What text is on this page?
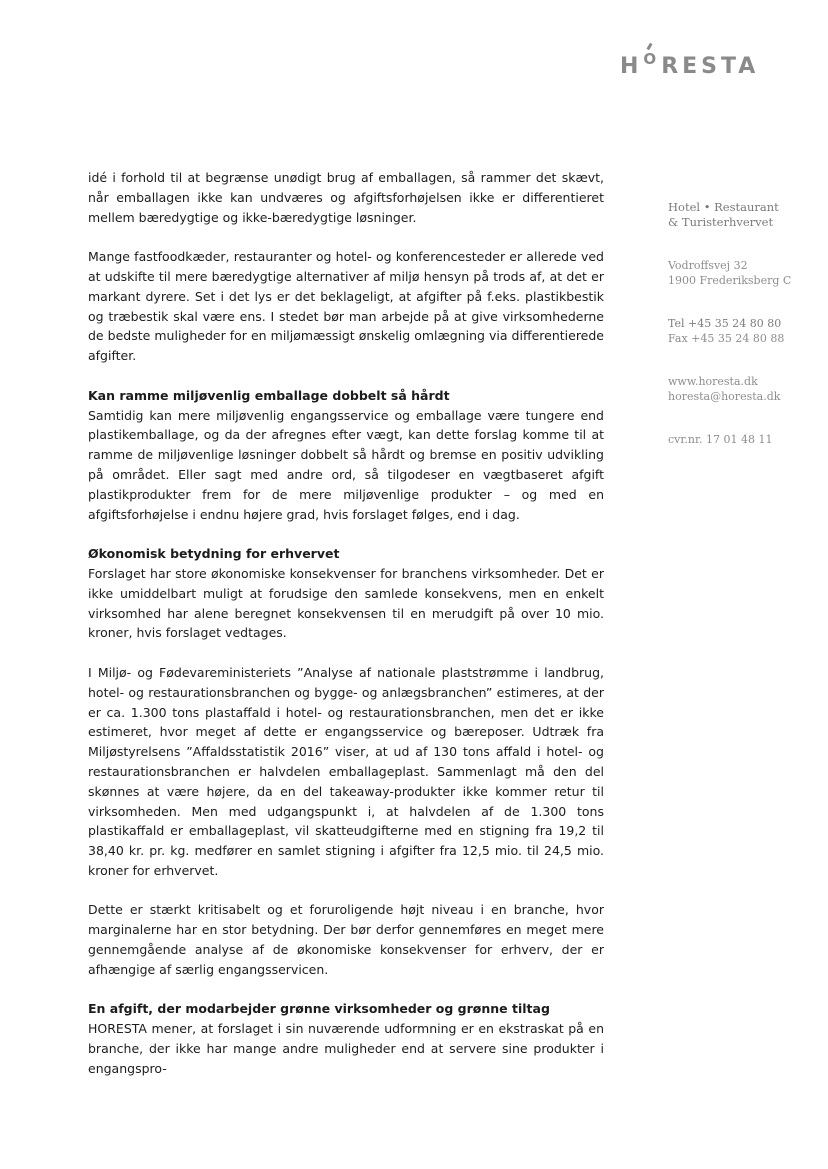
HORESTA
Hotel • Restaurant
& Turisterhvervet
Vodroffsvej 32
1900 Frederiksberg C
Tel +45 35 24 80 80
Fax +45 35 24 80 88
www.horesta.dk
horesta@horesta.dk
cvr.nr. 17 01 48 11

idé i forhold til at begrænse unødigt brug af emballagen, så rammer det skævt, når emballagen ikke kan undværes og afgiftsforhøjelsen ikke er differentieret mellem bæredygtige og ikke-bæredygtige løsninger.

Mange fastfoodkæder, restauranter og hotel- og konferencesteder er allerede ved at udskifte til mere bæredygtige alternativer af miljø hensyn på trods af, at det er markant dyrere. Set i det lys er det beklageligt, at afgifter på f.eks. plastikbestik og træbestik skal være ens. I stedet bør man arbejde på at give virksomhederne de bedste muligheder for en miljømæssigt ønskelig omlægning via differentierede afgifter.

Kan ramme miljøvenlig emballage dobbelt så hårdt

Samtidig kan mere miljøvenlig engangsservice og emballage være tungere end plastikemballage, og da der afregnes efter vægt, kan dette forslag komme til at ramme de miljøvenlige løsninger dobbelt så hårdt og bremse en positiv udvikling på området. Eller sagt med andre ord, så tilgodeser en vægtbaseret afgift plastikprodukter frem for de mere miljøvenlige produkter – og med en afgiftsforhøjelse i endnu højere grad, hvis forslaget følges, end i dag.

Økonomisk betydning for erhvervet

Forslaget har store økonomiske konsekvenser for branchens virksomheder. Det er ikke umiddelbart muligt at forudsige den samlede konsekvens, men en enkelt virksomhed har alene beregnet konsekvensen til en merudgift på over 10 mio. kroner, hvis forslaget vedtages.

I Miljø- og Fødevareministeriets ”Analyse af nationale plaststrømme i landbrug, hotel- og restaurationsbranchen og bygge- og anlægsbranchen” estimeres, at der er ca. 1.300 tons plastaffald i hotel- og restaurationsbranchen, men det er ikke estimeret, hvor meget af dette er engangsservice og bæreposer. Udtræk fra Miljøstyrelsens ”Affaldsstatistik 2016” viser, at ud af 130 tons affald i hotel- og restaurationsbranchen er halvdelen emballageplast. Sammenlagt må den del skønnes at være højere, da en del takeaway-produkter ikke kommer retur til virksomheden. Men med udgangspunkt i, at halvdelen af de 1.300 tons plastikaffald er emballageplast, vil skatteudgifterne med en stigning fra 19,2 til 38,40 kr. pr. kg. medfører en samlet stigning i afgifter fra 12,5 mio. til 24,5 mio. kroner for erhvervet.

Dette er stærkt kritisabelt og et foruroligende højt niveau i en branche, hvor marginalerne har en stor betydning. Der bør derfor gennemføres en meget mere gennemgående analyse af de økonomiske konsekvenser for erhverv, der er afhængige af særlig engangsservicen.

En afgift, der modarbejder grønne virksomheder og grønne tiltag

HORESTA mener, at forslaget i sin nuværende udformning er en ekstraskat på en branche, der ikke har mange andre muligheder end at servere sine produkter i engangspro-
